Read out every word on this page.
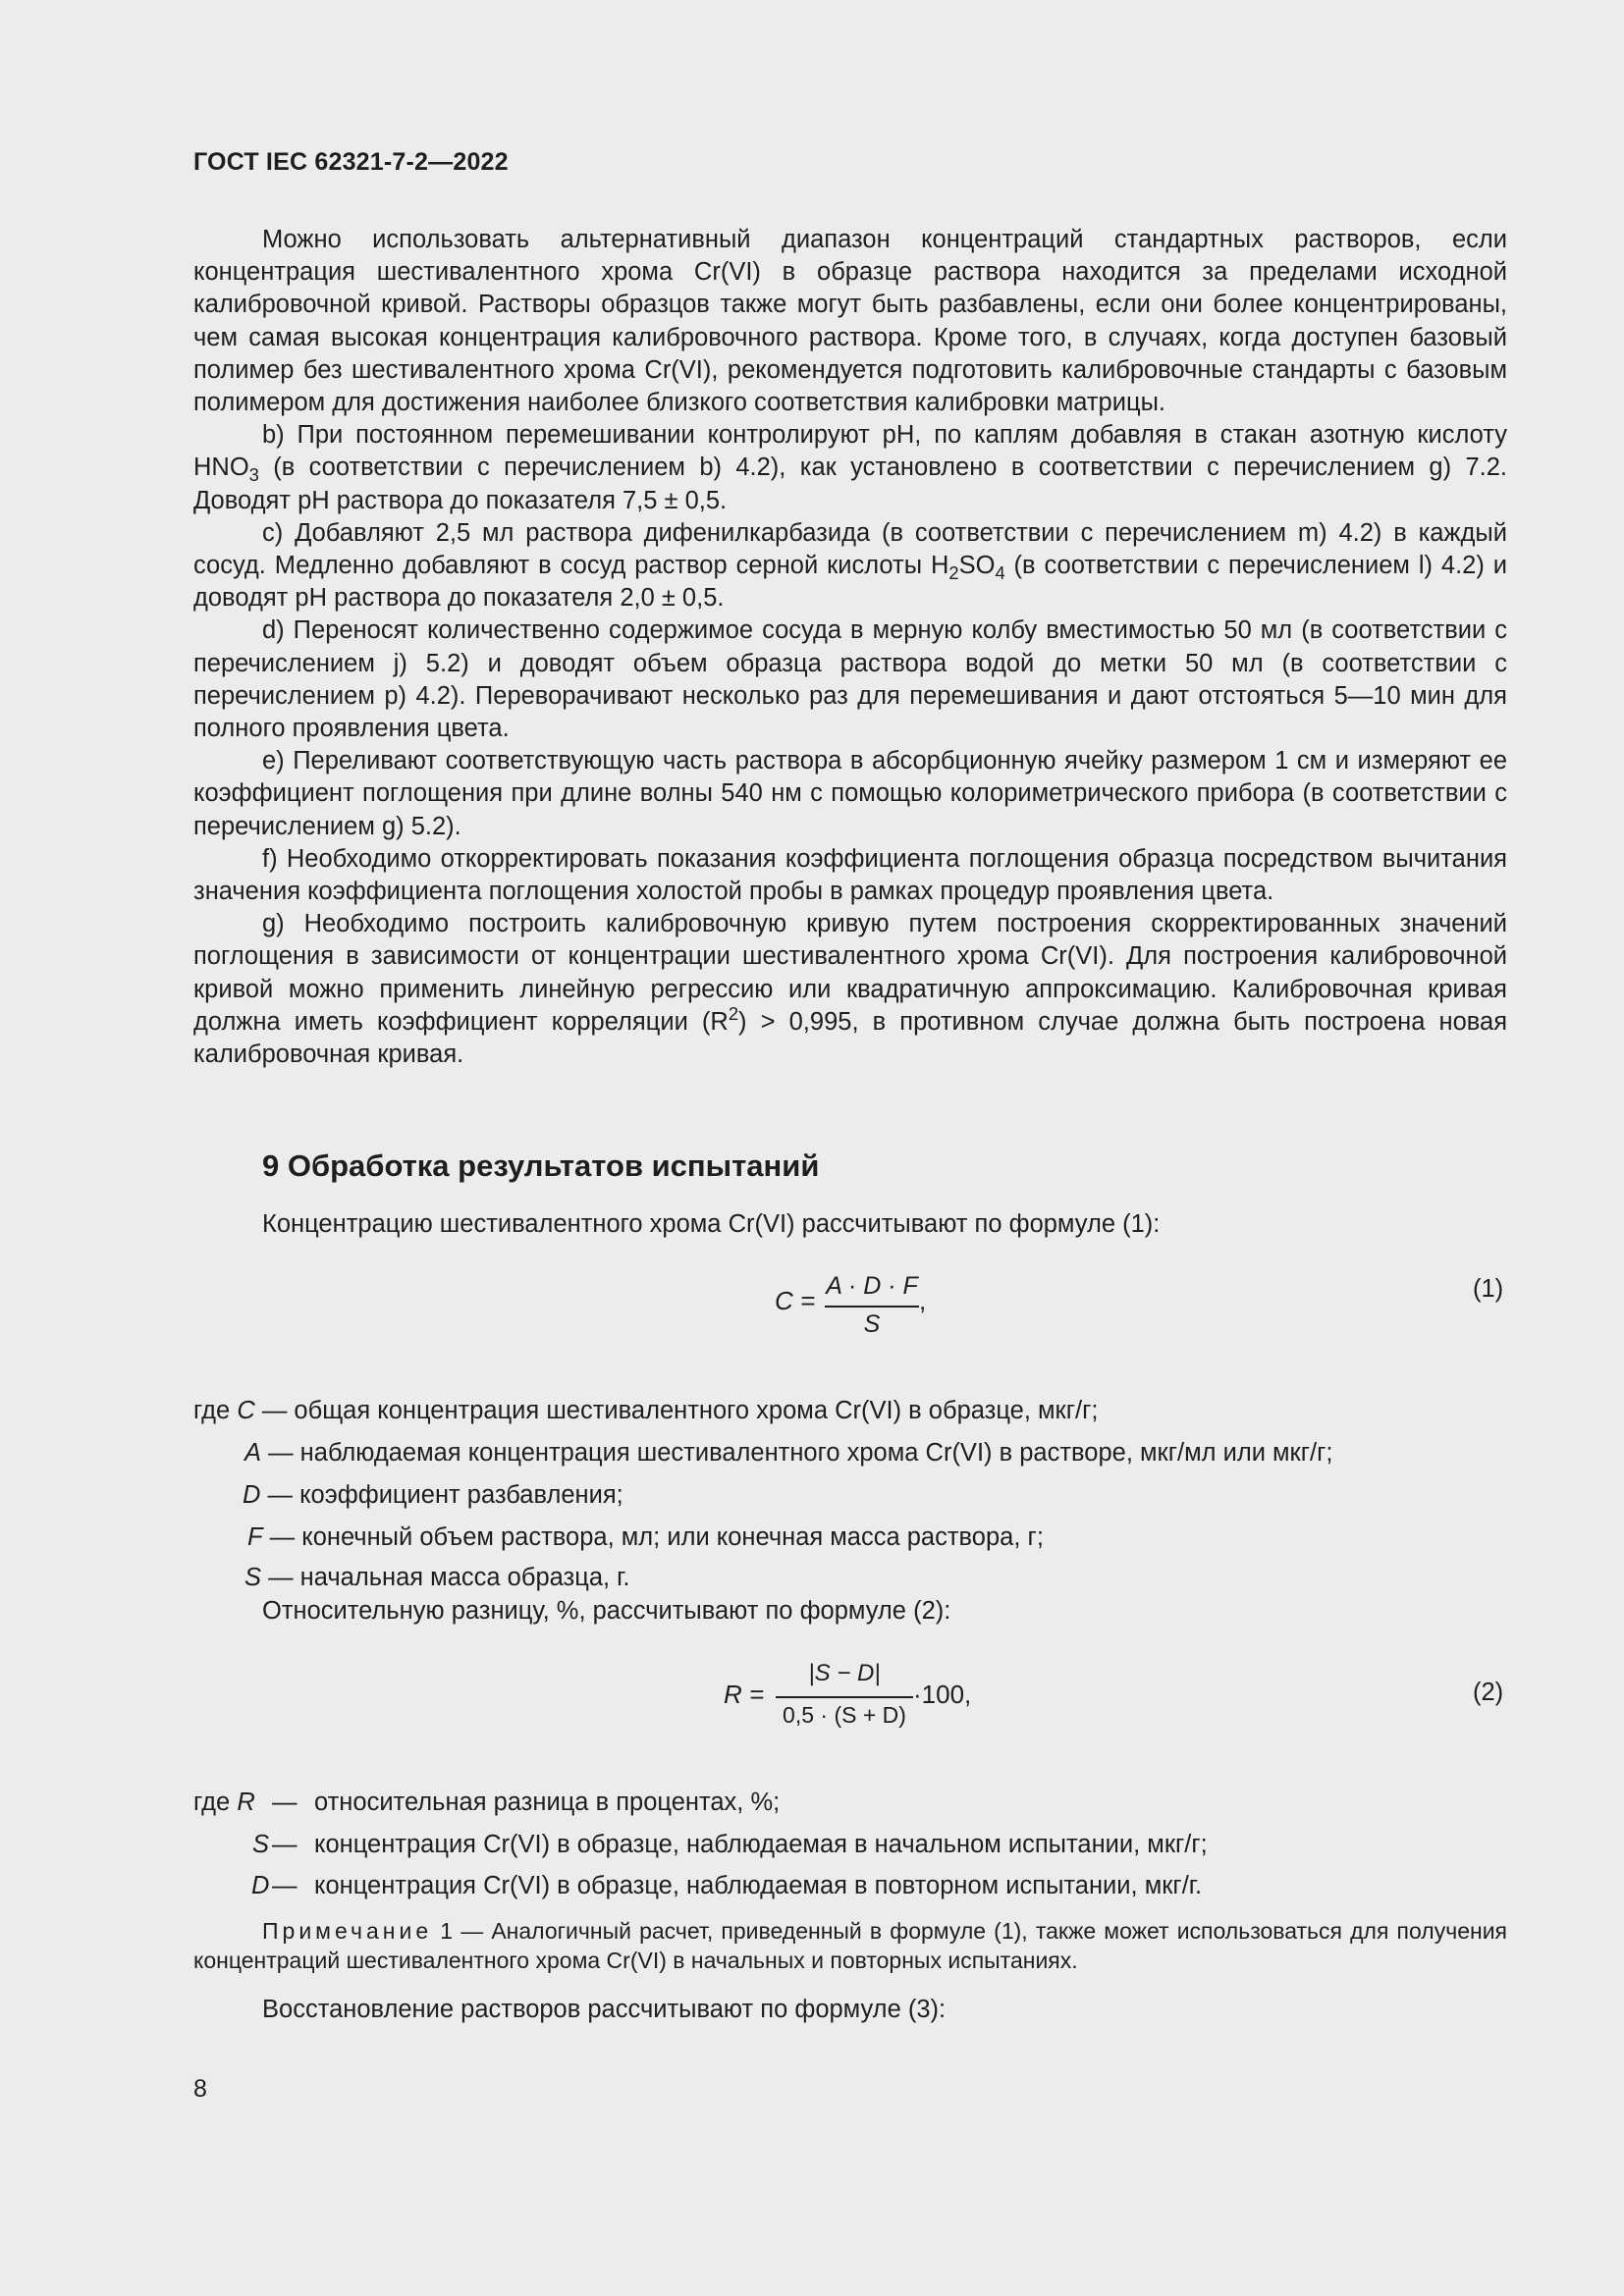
ГОСТ IEC 62321-7-2—2022

Можно использовать альтернативный диапазон концентраций стандартных растворов, если концентрация шестивалентного хрома Cr(VI) в образце раствора находится за пределами исходной калибровочной кривой. Растворы образцов также могут быть разбавлены, если они более концентрированы, чем самая высокая концентрация калибровочного раствора. Кроме того, в случаях, когда доступен базовый полимер без шестивалентного хрома Cr(VI), рекомендуется подготовить калибровочные стандарты с базовым полимером для достижения наиболее близкого соответствия калибровки матрицы.

b) При постоянном перемешивании контролируют pH, по каплям добавляя в стакан азотную кислоту $HNO_3$ (в соответствии с перечислением b) 4.2), как установлено в соответствии с перечислением g) 7.2. Доводят pH раствора до показателя 7,5 ± 0,5.

c) Добавляют 2,5 мл раствора дифенилкарбазида (в соответствии с перечислением m) 4.2) в каждый сосуд. Медленно добавляют в сосуд раствор серной кислоты $H_2SO_4$ (в соответствии с перечислением l) 4.2) и доводят pH раствора до показателя 2,0 ± 0,5.

d) Переносят количественно содержимое сосуда в мерную колбу вместимостью 50 мл (в соответствии с перечислением j) 5.2) и доводят объем образца раствора водой до метки 50 мл (в соответствии с перечислением p) 4.2). Переворачивают несколько раз для перемешивания и дают отстояться 5—10 мин для полного проявления цвета.

e) Переливают соответствующую часть раствора в абсорбционную ячейку размером 1 см и измеряют ее коэффициент поглощения при длине волны 540 нм с помощью колориметрического прибора (в соответствии с перечислением g) 5.2).

f) Необходимо откорректировать показания коэффициента поглощения образца посредством вычитания значения коэффициента поглощения холостой пробы в рамках процедур проявления цвета.

g) Необходимо построить калибровочную кривую путем построения скорректированных значений поглощения в зависимости от концентрации шестивалентного хрома Cr(VI). Для построения калибровочной кривой можно применить линейную регрессию или квадратичную аппроксимацию. Калибровочная кривая должна иметь коэффициент корреляции $(R^2) > 0,995$, в противном случае должна быть построена новая калибровочная кривая.

9 Обработка результатов испытаний
Концентрацию шестивалентного хрома Cr(VI) рассчитывают по формуле (1):
C = A · D · F
S
,	(1)
где C — общая концентрация шестивалентного хрома Cr(VI) в образце, мкг/г;
A — наблюдаемая концентрация шестивалентного хрома Cr(VI) в растворе, мкг/мл или мкг/г;
D — коэффициент разбавления;
F — конечный объем раствора, мл; или конечная масса раствора, г;
S — начальная масса образца, г.
Относительную разницу, %, рассчитывают по формуле (2):
R =
|S − D|
0,5 · (S + D)
·100,	(2)
где R — относительная разница в процентах, %;
S — концентрация Cr(VI) в образце, наблюдаемая в начальном испытании, мкг/г;
D — концентрация Cr(VI) в образце, наблюдаемая в повторном испытании, мкг/г.
Примечание 1 — Аналогичный расчет, приведенный в формуле (1), также может использоваться для получения концентраций шестивалентного хрома Cr(VI) в начальных и повторных испытаниях.
Восстановление растворов рассчитывают по формуле (3):
8
